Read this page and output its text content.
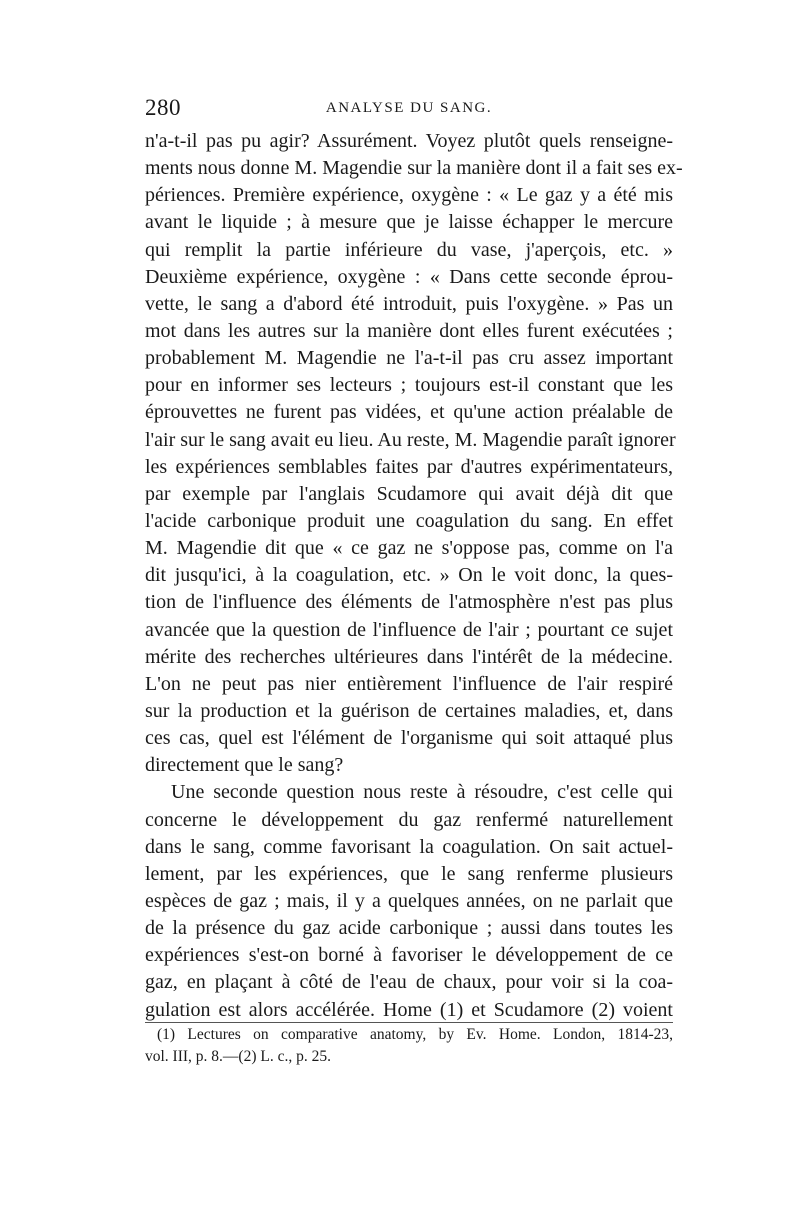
280	ANALYSE DU SANG.
n'a-t-il pas pu agir? Assurément. Voyez plutôt quels renseigne-
ments nous donne M. Magendie sur la manière dont il a fait ses ex-
périences. Première expérience, oxygène : « Le gaz y a été mis
avant le liquide ; à mesure que je laisse échapper le mercure
qui remplit la partie inférieure du vase, j'aperçois, etc. »
Deuxième expérience, oxygène : « Dans cette seconde éprou-
vette, le sang a d'abord été introduit, puis l'oxygène. » Pas un
mot dans les autres sur la manière dont elles furent exécutées ;
probablement M. Magendie ne l'a-t-il pas cru assez important
pour en informer ses lecteurs ; toujours est-il constant que les
éprouvettes ne furent pas vidées, et qu'une action préalable de
l'air sur le sang avait eu lieu. Au reste, M. Magendie paraît ignorer
les expériences semblables faites par d'autres expérimentateurs,
par exemple par l'anglais Scudamore qui avait déjà dit que
l'acide carbonique produit une coagulation du sang. En effet
M. Magendie dit que « ce gaz ne s'oppose pas, comme on l'a
dit jusqu'ici, à la coagulation, etc. » On le voit donc, la ques-
tion de l'influence des éléments de l'atmosphère n'est pas plus
avancée que la question de l'influence de l'air ; pourtant ce sujet
mérite des recherches ultérieures dans l'intérêt de la médecine.
L'on ne peut pas nier entièrement l'influence de l'air respiré
sur la production et la guérison de certaines maladies, et, dans
ces cas, quel est l'élément de l'organisme qui soit attaqué plus
directement que le sang?
Une seconde question nous reste à résoudre, c'est celle qui
concerne le développement du gaz renfermé naturellement
dans le sang, comme favorisant la coagulation. On sait actuel-
lement, par les expériences, que le sang renferme plusieurs
espèces de gaz ; mais, il y a quelques années, on ne parlait que
de la présence du gaz acide carbonique ; aussi dans toutes les
expériences s'est-on borné à favoriser le développement de ce
gaz, en plaçant à côté de l'eau de chaux, pour voir si la coa-
gulation est alors accélérée. Home (1) et Scudamore (2) voient
(1) Lectures on comparative anatomy, by Ev. Home. London, 1814-23,
vol. III, p. 8.—(2) L. c., p. 25.
